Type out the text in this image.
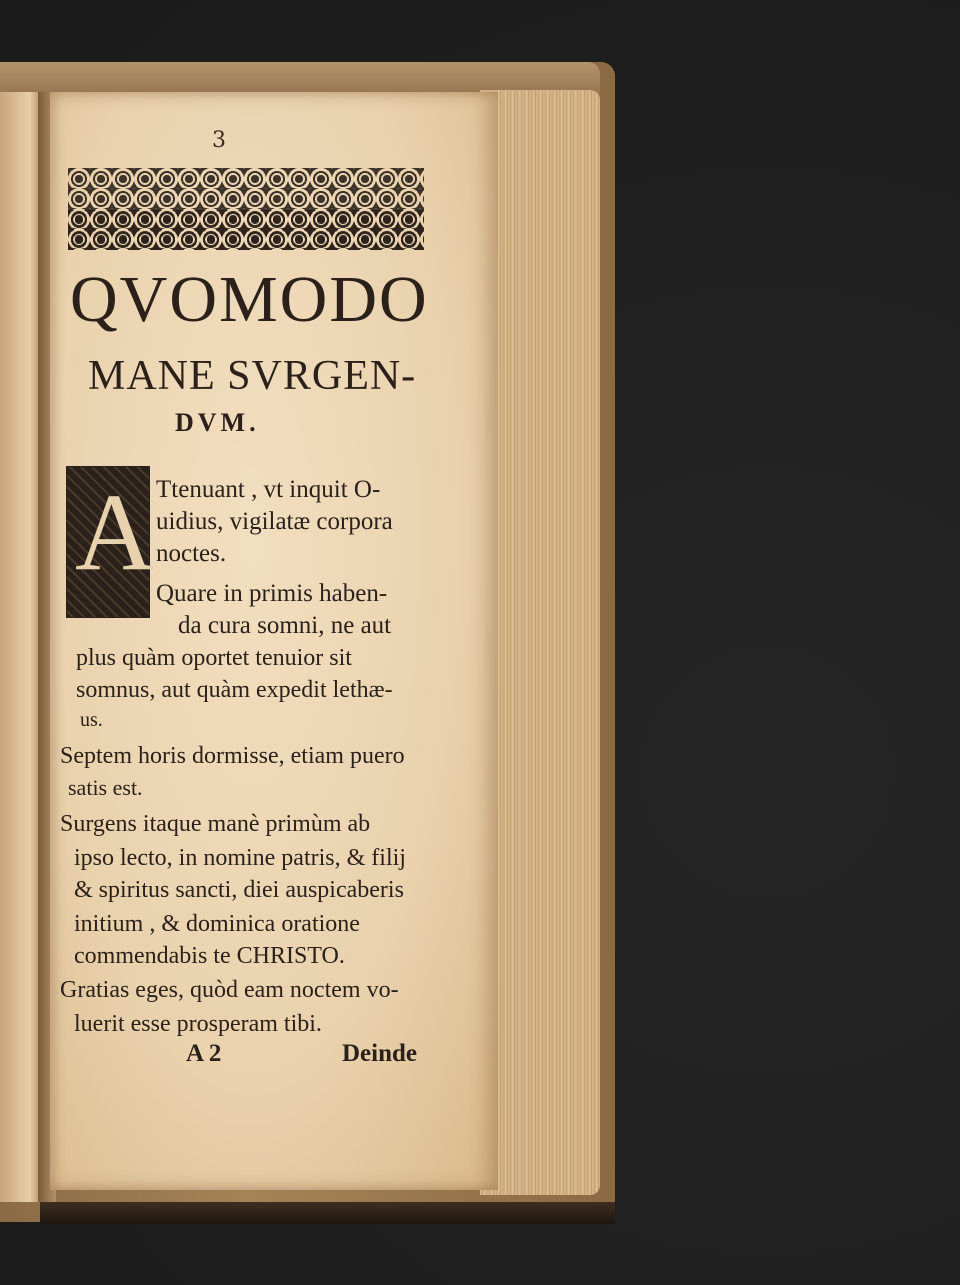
3
QVOMODO
MANE SVRGEN-
DVM.
A Ttenuant , vt inquit O-
uidius, vigilatæ corpora
noctes.
Quare in primis haben-
da cura somni, ne aut
plus quàm oportet tenuior sit
somnus, aut quàm expedit lethæ-
us.
Septem horis dormisse, etiam puero
satis est.
Surgens itaque manè primùm ab
ipso lecto, in nomine patris, & filij
& spiritus sancti, diei auspicaberis
initium , & dominica oratione
commendabis te CHRISTO.
Gratias eges, quòd eam noctem vo-
luerit esse prosperam tibi.
A 2	Deinde
